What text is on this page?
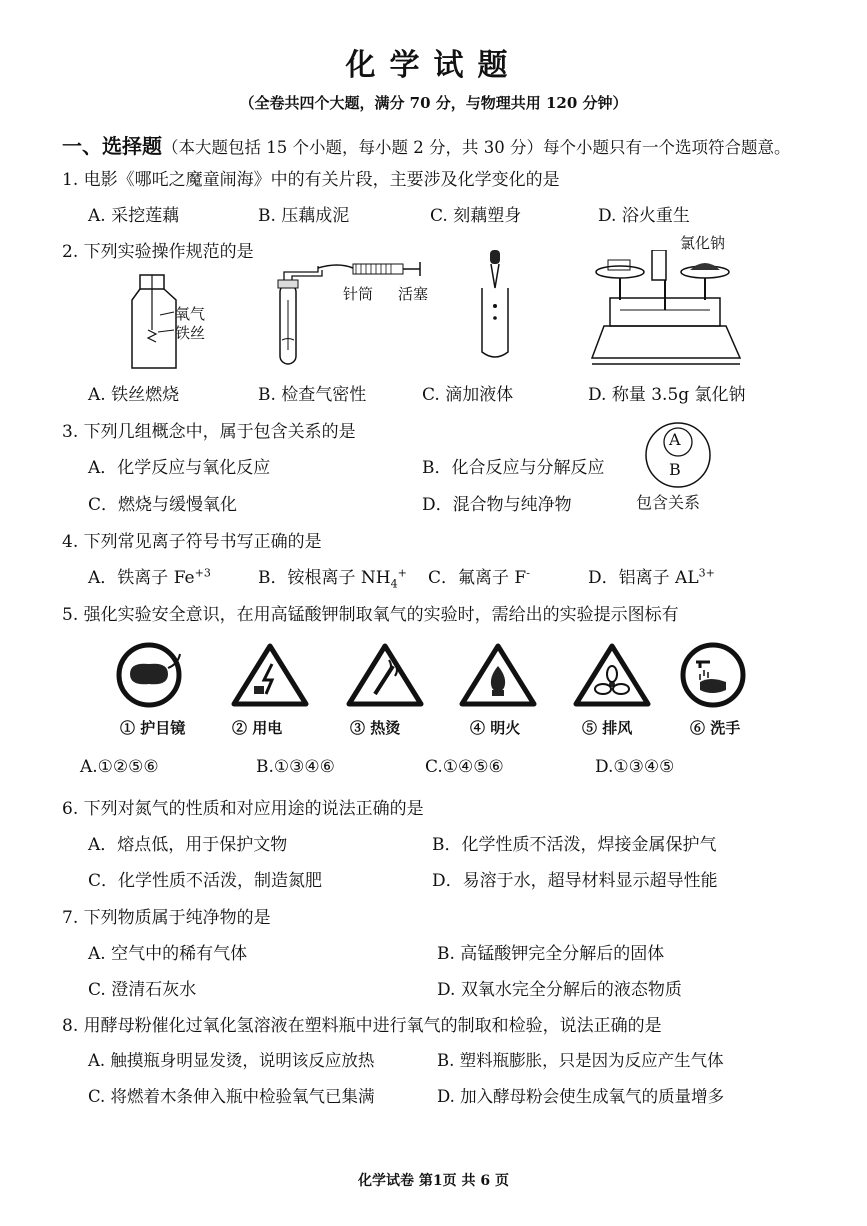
化学试题
（全卷共四个大题，满分 70 分，与物理共用 120 分钟）
一、选择题（本大题包括 15 个小题，每小题 2 分，共 30 分）每个小题只有一个选项符合题意。
1. 电影《哪吒之魔童闹海》中的有关片段，主要涉及化学变化的是
A. 采挖莲藕	B. 压藕成泥	C. 刻藕塑身	D. 浴火重生
2. 下列实验操作规范的是
氧气
铁丝
针筒 活塞
氯化钠
A. 铁丝燃烧	B. 检查气密性	C. 滴加液体	D. 称量 3.5g 氯化钠
3. 下列几组概念中，属于包含关系的是
A．化学反应与氧化反应	B．化合反应与分解反应
C．燃烧与缓慢氧化	D．混合物与纯净物
A
B
包含关系
4. 下列常见离子符号书写正确的是
A．铁离子 $Fe^{+3}$	B．铵根离子 $NH_4^+$ C．氟离子 F-	D．铝离子 $AL^{3+}$
5. 强化实验安全意识，在用高锰酸钾制取氧气的实验时，需给出的实验提示图标有
① 护目镜	② 用电	③ 热烫	④ 明火	⑤ 排风	⑥ 洗手
A.①②⑤⑥	B.①③④⑥	C.①④⑤⑥	D.①③④⑤
6. 下列对氮气的性质和对应用途的说法正确的是
A．熔点低，用于保护文物	B．化学性质不活泼，焊接金属保护气
C．化学性质不活泼，制造氮肥	D．易溶于水，超导材料显示超导性能
7. 下列物质属于纯净物的是
A. 空气中的稀有气体	B. 高锰酸钾完全分解后的固体
C. 澄清石灰水	D. 双氧水完全分解后的液态物质
8. 用酵母粉催化过氧化氢溶液在塑料瓶中进行氧气的制取和检验，说法正确的是
A. 触摸瓶身明显发烫，说明该反应放热	B. 塑料瓶膨胀，只是因为反应产生气体
C. 将燃着木条伸入瓶中检验氧气已集满	D. 加入酵母粉会使生成氧气的质量增多
化学试卷 第1页 共 6 页
